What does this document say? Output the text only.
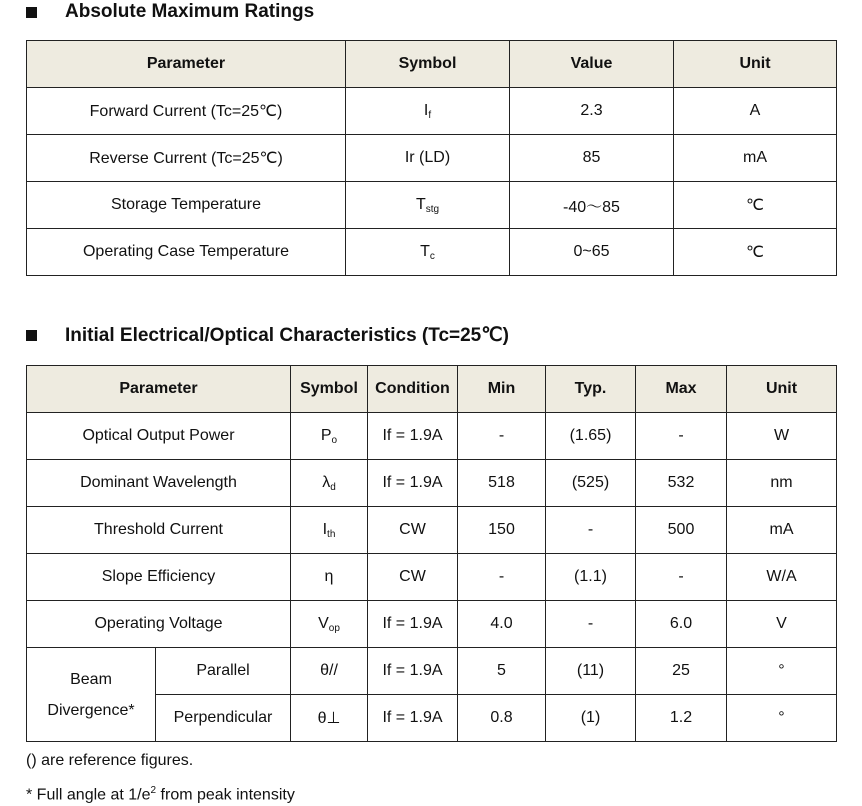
Absolute Maximum Ratings
Parameter	Symbol	Value	Unit
Forward Current (Tc=25℃)	$I_f$	2.3	A
Reverse Current (Tc=25℃)	Ir (LD)	85	mA
Storage Temperature	$T_{stg}$	-40～85	℃
Operating Case Temperature	$T_c$	0~65	℃
Initial Electrical/Optical Characteristics (Tc=25℃)
Parameter		Symbol	Condition	Min	Typ.	Max	Unit
Optical Output Power		$P_o$	If = 1.9A	-	(1.65)	-	W
Dominant Wavelength		$\lambda_d$	If = 1.9A	518	(525)	532	nm
Threshold Current		$I_{th}$	CW	150	-	500	mA
Slope Efficiency		η	CW	-	(1.1)	-	W/A
Operating Voltage		$V_{op}$	If = 1.9A	4.0	-	6.0	V
Beam
Divergence*	Parallel	θ//	If = 1.9A	5	(11)	25	°
	Perpendicular	θ⊥	If = 1.9A	0.8	(1)	1.2	°
() are reference figures.
* Full angle at $1/e^2$ from peak intensity
